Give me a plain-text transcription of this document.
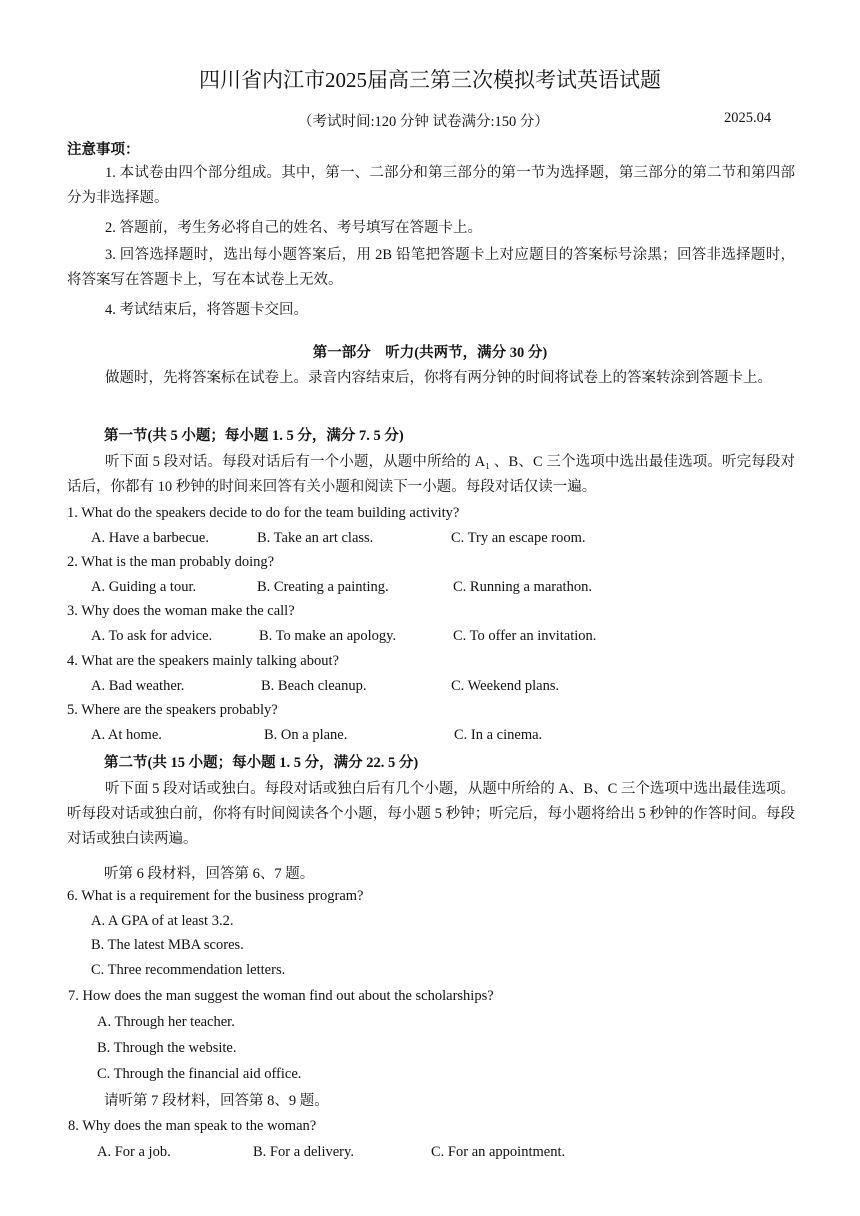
四川省内江市2025届高三第三次模拟考试英语试题
（考试时间:120 分钟 试卷满分:150 分）	2025.04
注意事项：
1. 本试卷由四个部分组成。其中，第一、二部分和第三部分的第一节为选择题，第三部分的第二节和第四部分为非选择题。
2. 答题前，考生务必将自己的姓名、考号填写在答题卡上。
3. 回答选择题时，选出每小题答案后，用 2B 铅笔把答题卡上对应题目的答案标号涂黑；回答非选择题时，将答案写在答题卡上，写在本试卷上无效。
4. 考试结束后，将答题卡交回。
第一部分　听力(共两节，满分 30 分)
做题时，先将答案标在试卷上。录音内容结束后，你将有两分钟的时间将试卷上的答案转涂到答题卡上。
第一节(共 5 小题；每小题 1. 5 分，满分 7. 5 分)
听下面 5 段对话。每段对话后有一个小题，从题中所给的 A₁ 、B、C 三个选项中选出最佳选项。听完每段对话后，你都有 10 秒钟的时间来回答有关小题和阅读下一小题。每段对话仅读一遍。
1. What do the speakers decide to do for the team building activity?
A. Have a barbecue.	B. Take an art class.	C. Try an escape room.
2. What is the man probably doing?
A. Guiding a tour.	B. Creating a painting.	C. Running a marathon.
3. Why does the woman make the call?
A. To ask for advice.	B. To make an apology.	C. To offer an invitation.
4. What are the speakers mainly talking about?
A. Bad weather.	B. Beach cleanup.	C. Weekend plans.
5. Where are the speakers probably?
A. At home.	B. On a plane.	C. In a cinema.
第二节(共 15 小题；每小题 1. 5 分，满分 22. 5 分)
听下面 5 段对话或独白。每段对话或独白后有几个小题，从题中所给的 A、B、C 三个选项中选出最佳选项。听每段对话或独白前，你将有时间阅读各个小题，每小题 5 秒钟；听完后，每小题将给出 5 秒钟的作答时间。每段对话或独白读两遍。
听第 6 段材料，回答第 6、7 题。
6. What is a requirement for the business program?
A. A GPA of at least 3.2.
B. The latest MBA scores.
C. Three recommendation letters.
7. How does the man suggest the woman find out about the scholarships?
A. Through her teacher.
B. Through the website.
C. Through the financial aid office.
请听第 7 段材料，回答第 8、9 题。
8. Why does the man speak to the woman?
A. For a job.	B. For a delivery.	C. For an appointment.
